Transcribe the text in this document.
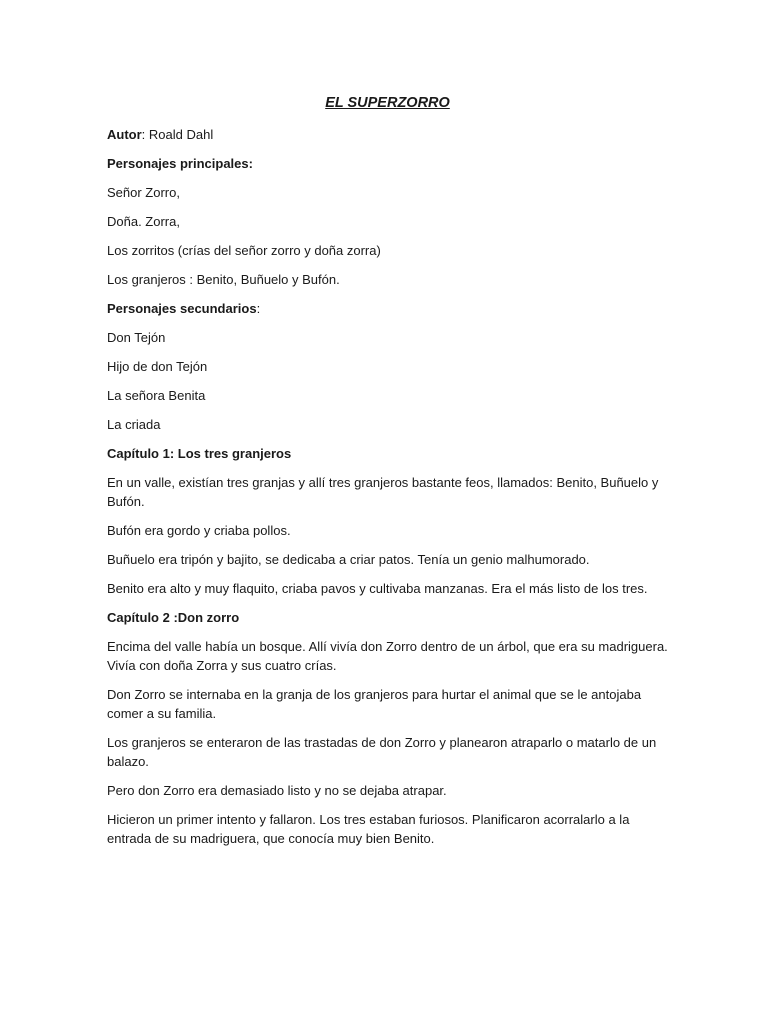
EL SUPERZORRO
Autor: Roald Dahl
Personajes principales:
Señor Zorro,
Doña. Zorra,
Los zorritos (crías del señor zorro y doña zorra)
Los granjeros : Benito, Buñuelo y Bufón.
Personajes secundarios:
Don Tejón
Hijo de don Tejón
La señora Benita
La criada
Capítulo 1: Los tres granjeros
En un valle, existían tres granjas y allí tres granjeros bastante feos, llamados: Benito, Buñuelo y Bufón.
Bufón era gordo y criaba pollos.
Buñuelo era tripón y bajito, se dedicaba a criar patos. Tenía un genio malhumorado.
Benito era alto y muy flaquito, criaba pavos y cultivaba manzanas. Era el más listo de los tres.
Capítulo 2 :Don zorro
Encima del valle había un bosque. Allí vivía don Zorro dentro de un árbol, que era su madriguera. Vivía con doña Zorra y sus cuatro crías.
Don Zorro se internaba en la granja de los granjeros para hurtar el animal que se le antojaba comer a su familia.
Los granjeros se enteraron de las trastadas de don Zorro y planearon atraparlo o matarlo de un balazo.
Pero don Zorro era demasiado listo y no se dejaba atrapar.
Hicieron un primer intento y fallaron. Los tres estaban furiosos. Planificaron acorralarlo a la entrada de su madriguera, que conocía muy bien Benito.
